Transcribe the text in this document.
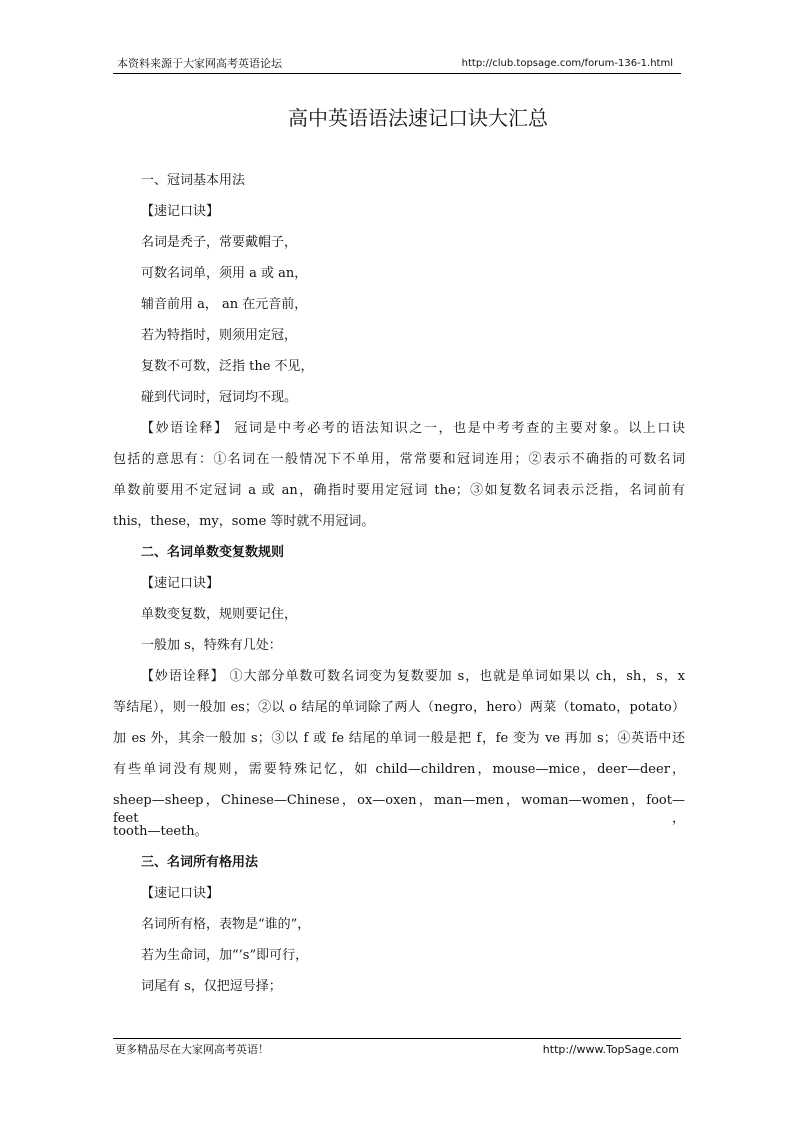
本资料来源于大家网高考英语论坛	http://club.topsage.com/forum-136-1.html
高中英语语法速记口诀大汇总
一、冠词基本用法
【速记口诀】
名词是秃子，常要戴帽子，
可数名词单，须用 a 或 an，
辅音前用 a， an 在元音前，
若为特指时，则须用定冠，
复数不可数，泛指 the 不见，
碰到代词时，冠词均不现。
【妙语诠释】 冠词是中考必考的语法知识之一，也是中考考查的主要对象。以上口诀
包括的意思有：①名词在一般情况下不单用，常常要和冠词连用；②表示不确指的可数名词
单数前要用不定冠词 a 或 an，确指时要用定冠词 the；③如复数名词表示泛指，名词前有
this，these，my，some 等时就不用冠词。
二、名词单数变复数规则
【速记口诀】
单数变复数，规则要记住，
一般加 s，特殊有几处：
【妙语诠释】 ①大部分单数可数名词变为复数要加 s，也就是单词如果以 ch，sh，s，x
等结尾），则一般加 es；②以 o 结尾的单词除了两人（negro，hero）两菜（tomato，potato）
加 es 外，其余一般加 s；③以 f 或 fe 结尾的单词一般是把 f，fe 变为 ve 再加 s；④英语中还
有些单词没有规则，需要特殊记忆，如 child—children，mouse—mice，deer—deer，
sheep—sheep，Chinese—Chinese，ox—oxen，man—men，woman—women，foot—feet，
tooth—teeth。
三、名词所有格用法
【速记口诀】
名词所有格，表物是“谁的”，
若为生命词，加“’s”即可行，
词尾有 s，仅把逗号择；
更多精品尽在大家网高考英语！	http://www.TopSage.com
